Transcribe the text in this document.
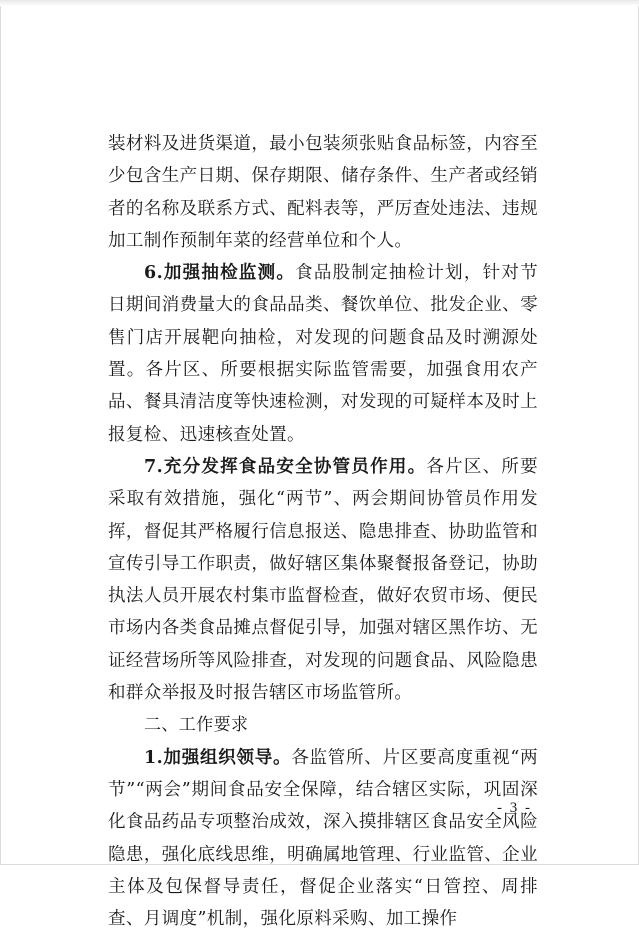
装材料及进货渠道，最小包装须张贴食品标签，内容至少包含生产日期、保存期限、储存条件、生产者或经销者的名称及联系方式、配料表等，严厉查处违法、违规加工制作预制年菜的经营单位和个人。

6.加强抽检监测。食品股制定抽检计划，针对节日期间消费量大的食品品类、餐饮单位、批发企业、零售门店开展靶向抽检，对发现的问题食品及时溯源处置。各片区、所要根据实际监管需要，加强食用农产品、餐具清洁度等快速检测，对发现的可疑样本及时上报复检、迅速核查处置。

7.充分发挥食品安全协管员作用。各片区、所要采取有效措施，强化“两节”、两会期间协管员作用发挥，督促其严格履行信息报送、隐患排查、协助监管和宣传引导工作职责，做好辖区集体聚餐报备登记，协助执法人员开展农村集市监督检查，做好农贸市场、便民市场内各类食品摊点督促引导，加强对辖区黑作坊、无证经营场所等风险排查，对发现的问题食品、风险隐患和群众举报及时报告辖区市场监管所。

二、工作要求

1.加强组织领导。各监管所、片区要高度重视“两节”“两会”期间食品安全保障，结合辖区实际，巩固深化食品药品专项整治成效，深入摸排辖区食品安全风险隐患，强化底线思维，明确属地管理、行业监管、企业主体及包保督导责任，督促企业落实“日管控、周排查、月调度”机制，强化原料采购、加工操作

- 3 -
